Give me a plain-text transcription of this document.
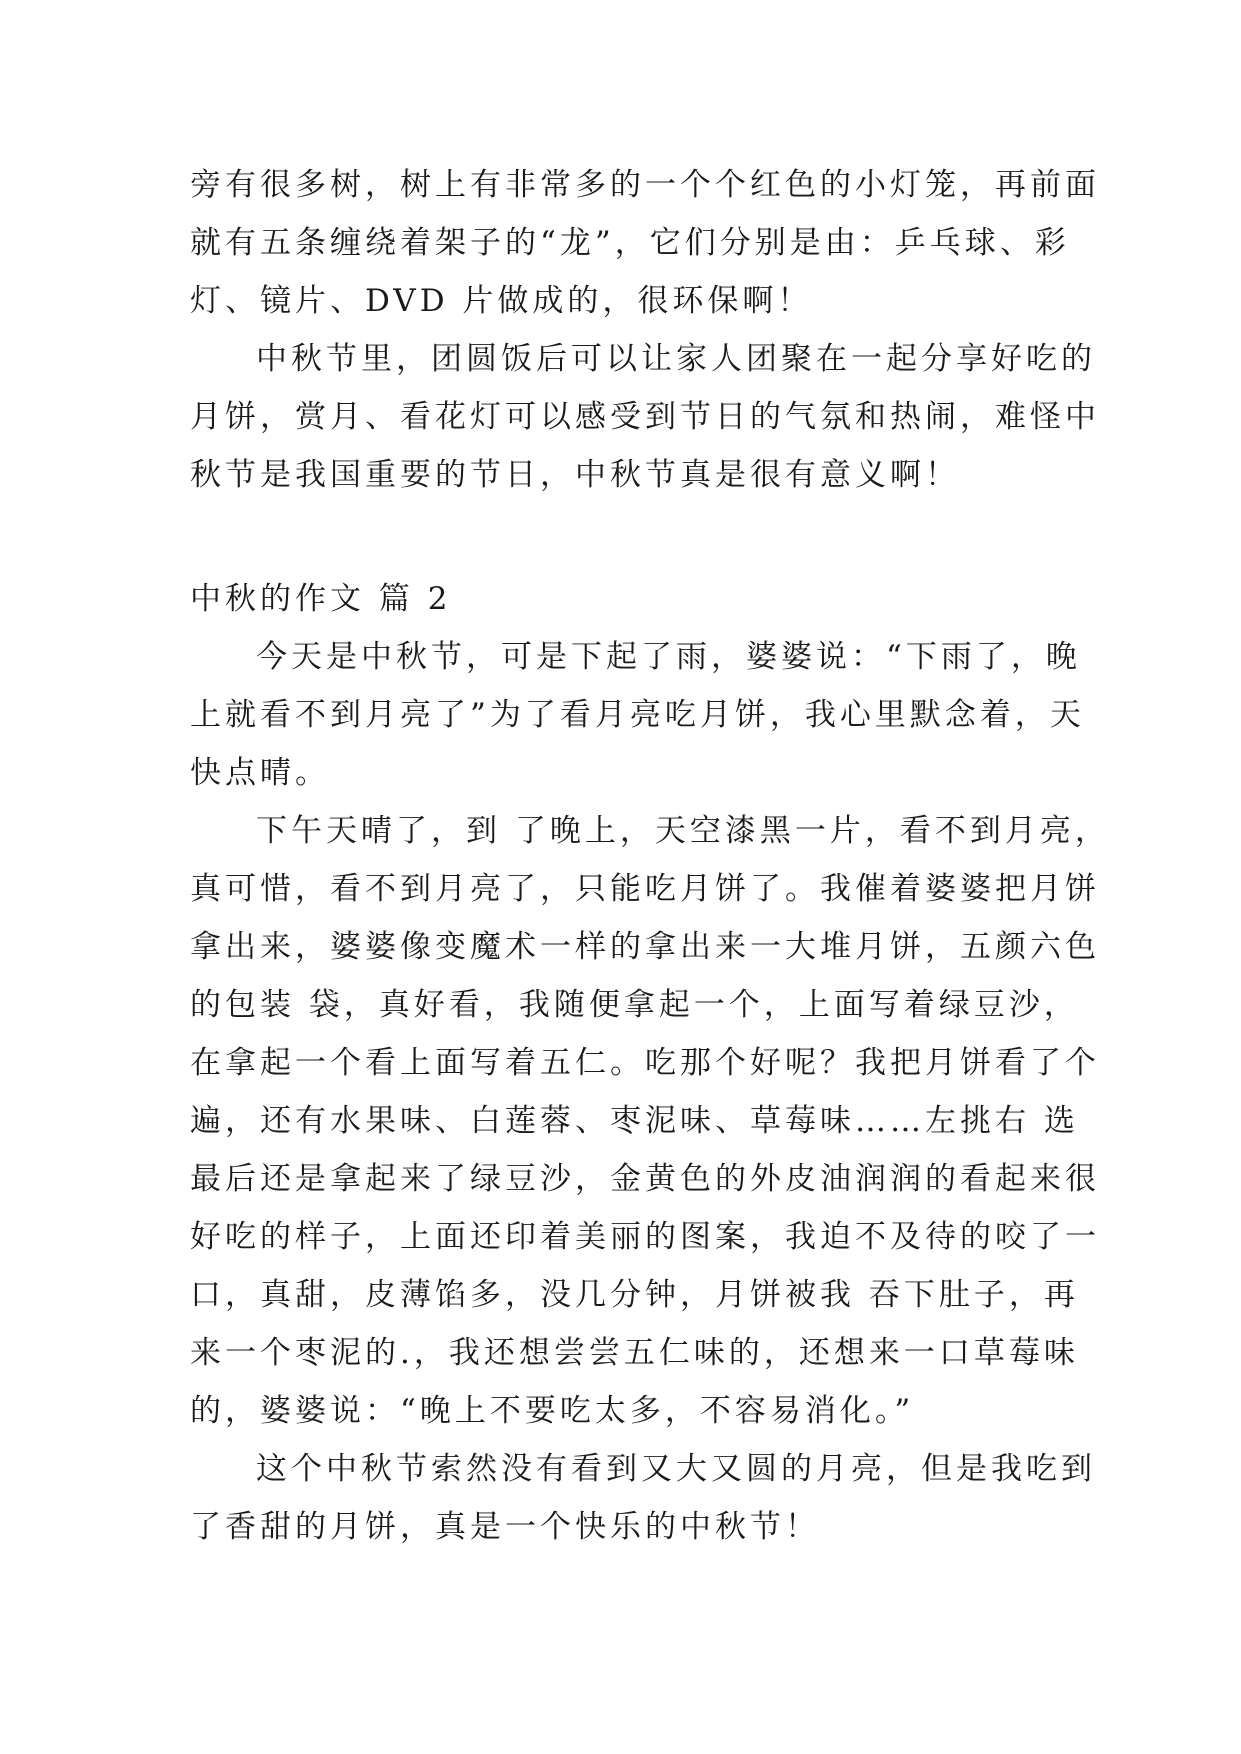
旁有很多树，树上有非常多的一个个红色的小灯笼，再前面
就有五条缠绕着架子的“龙”，它们分别是由：乒乓球、彩
灯、镜片、DVD 片做成的，很环保啊！
中秋节里，团圆饭后可以让家人团聚在一起分享好吃的
月饼，赏月、看花灯可以感受到节日的气氛和热闹，难怪中
秋节是我国重要的节日，中秋节真是很有意义啊！
中秋的作文 篇 2
今天是中秋节，可是下起了雨，婆婆说：“下雨了，晚
上就看不到月亮了”为了看月亮吃月饼，我心里默念着，天
快点晴。
下午天晴了，到 了晚上，天空漆黑一片，看不到月亮，
真可惜，看不到月亮了，只能吃月饼了。我催着婆婆把月饼
拿出来，婆婆像变魔术一样的拿出来一大堆月饼，五颜六色
的包装 袋，真好看，我随便拿起一个，上面写着绿豆沙，
在拿起一个看上面写着五仁。吃那个好呢？我把月饼看了个
遍，还有水果味、白莲蓉、枣泥味、草莓味……左挑右 选
最后还是拿起来了绿豆沙，金黄色的外皮油润润的看起来很
好吃的样子，上面还印着美丽的图案，我迫不及待的咬了一
口，真甜，皮薄馅多，没几分钟，月饼被我 吞下肚子，再
来一个枣泥的.，我还想尝尝五仁味的，还想来一口草莓味
的，婆婆说：“晚上不要吃太多，不容易消化。”
这个中秋节索然没有看到又大又圆的月亮，但是我吃到
了香甜的月饼，真是一个快乐的中秋节！
